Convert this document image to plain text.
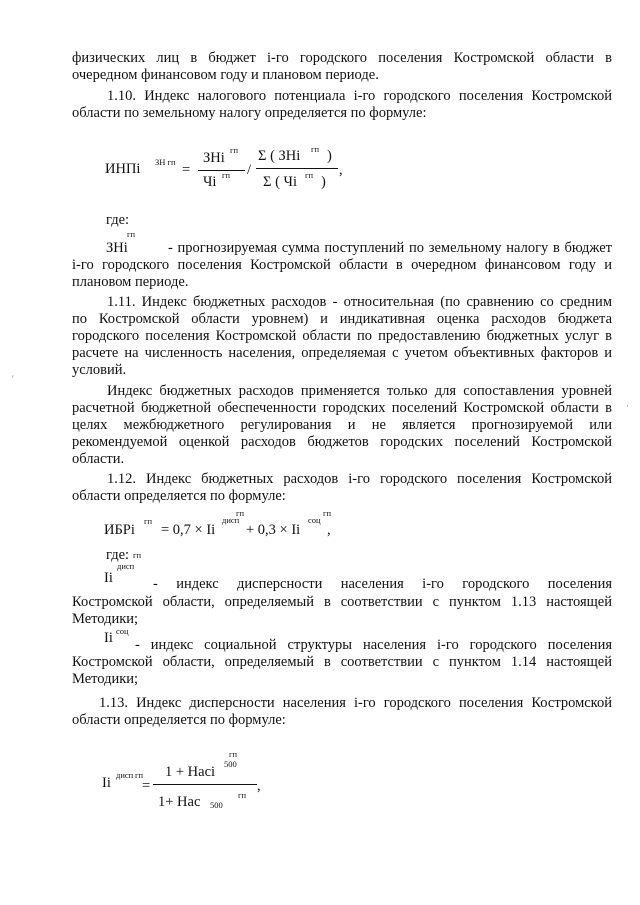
физических лиц в бюджет i-го городского поселения Костромской области в
очередном финансовом году и плановом периоде.
1.10. Индекс налогового потенциала i-го городского поселения Костромской
области по земельному налогу определяется по формуле:
ИНПi ЗН гп =
ЗНi гп
Чi гп /
Σ ( ЗНi гп )
Σ ( Чi гп )
,
где:
гп
ЗНi	- прогнозируемая сумма поступлений по земельному налогу в бюджет
i-го городского поселения Костромской области в очередном финансовом году и
плановом периоде.
1.11. Индекс бюджетных расходов - относительная (по сравнению со средним
по Костромской области уровнем) и индикативная оценка расходов бюджета
городского поселения Костромской области по предоставлению бюджетных услуг в
расчете на численность населения, определяемая с учетом объективных факторов и
условий.
Индекс бюджетных расходов применяется только для сопоставления уровней
расчетной бюджетной обеспеченности городских поселений Костромской области в
целях межбюджетного регулирования и не является прогнозируемой или
рекомендуемой оценкой расходов бюджетов городских поселений Костромской
области.
1.12. Индекс бюджетных расходов i-го городского поселения Костромской
области определяется по формуле:
ИБРi
гп
= 0,7 × Ii
гп
дисп
+ 0,3 × Ii
гп
соц
,
где: гп
дисп
Ii	- индекс дисперсности населения i-го городского поселения
Костромской области, определяемый в соответствии с пунктом 1.13 настоящей
Методики;
Ii соц
- индекс социальной структуры населения i-го городского поселения
Костромской области, определяемый в соответствии с пунктом 1.14 настоящей
Методики;
1.13. Индекс дисперсности населения i-го городского поселения Костромской
области определяется по формуле:
Ii дисп гп
=
1 + Насi
гп
500
1+ Нас 500
гп
,
'
·
